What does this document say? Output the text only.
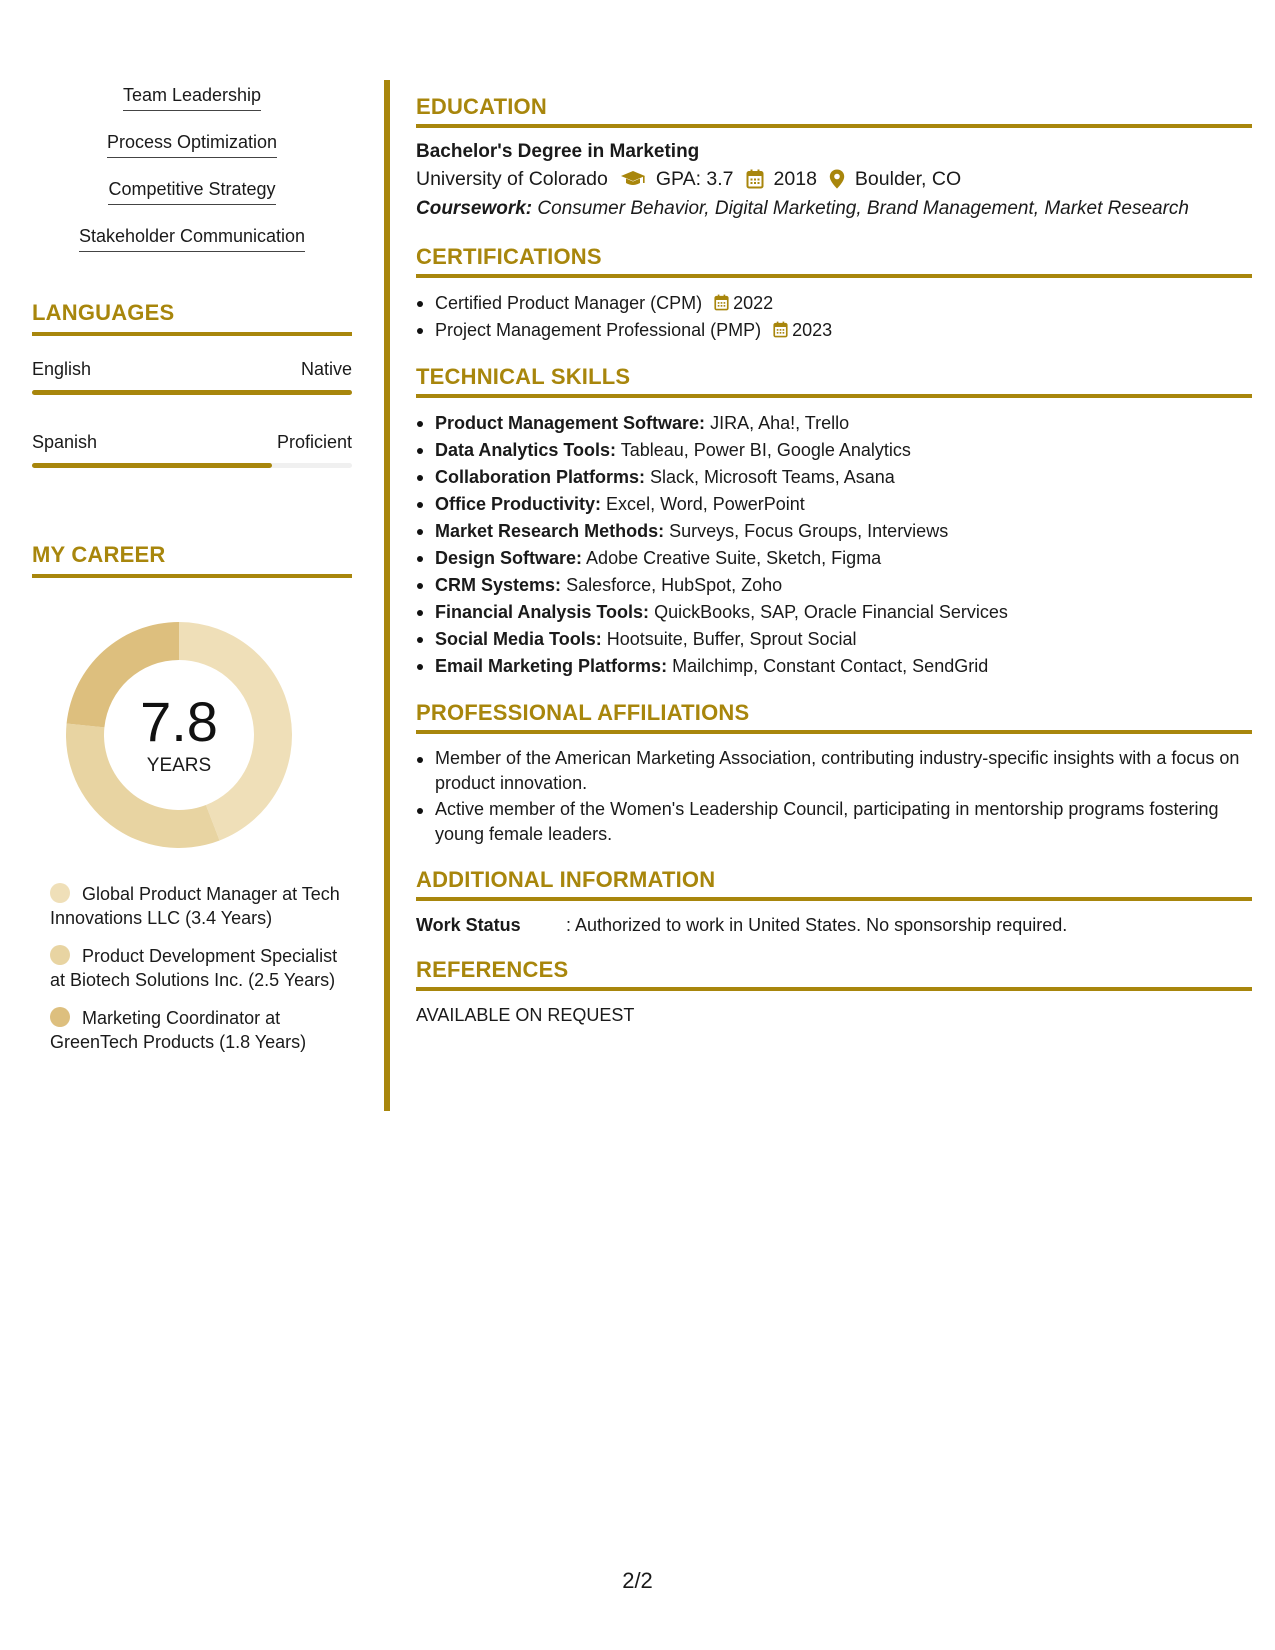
Team Leadership
Process Optimization
Competitive Strategy
Stakeholder Communication
LANGUAGES
English	Native
Spanish	Proficient
MY CAREER
7.8
YEARS
Global Product Manager at Tech Innovations LLC (3.4 Years)
Product Development Specialist at Biotech Solutions Inc. (2.5 Years)
Marketing Coordinator at GreenTech Products (1.8 Years)
EDUCATION
Bachelor's Degree in Marketing
University of Colorado GPA: 3.7 2018 Boulder, CO
Coursework: Consumer Behavior, Digital Marketing, Brand Management, Market Research
CERTIFICATIONS
Certified Product Manager (CPM) 2022
Project Management Professional (PMP) 2023
TECHNICAL SKILLS
Product Management Software: JIRA, Aha!, Trello
Data Analytics Tools: Tableau, Power BI, Google Analytics
Collaboration Platforms: Slack, Microsoft Teams, Asana
Office Productivity: Excel, Word, PowerPoint
Market Research Methods: Surveys, Focus Groups, Interviews
Design Software: Adobe Creative Suite, Sketch, Figma
CRM Systems: Salesforce, HubSpot, Zoho
Financial Analysis Tools: QuickBooks, SAP, Oracle Financial Services
Social Media Tools: Hootsuite, Buffer, Sprout Social
Email Marketing Platforms: Mailchimp, Constant Contact, SendGrid
PROFESSIONAL AFFILIATIONS
Member of the American Marketing Association, contributing industry-specific insights with a focus on product innovation.
Active member of the Women's Leadership Council, participating in mentorship programs fostering young female leaders.
ADDITIONAL INFORMATION
Work Status	: Authorized to work in United States. No sponsorship required.
REFERENCES
AVAILABLE ON REQUEST
2/2
